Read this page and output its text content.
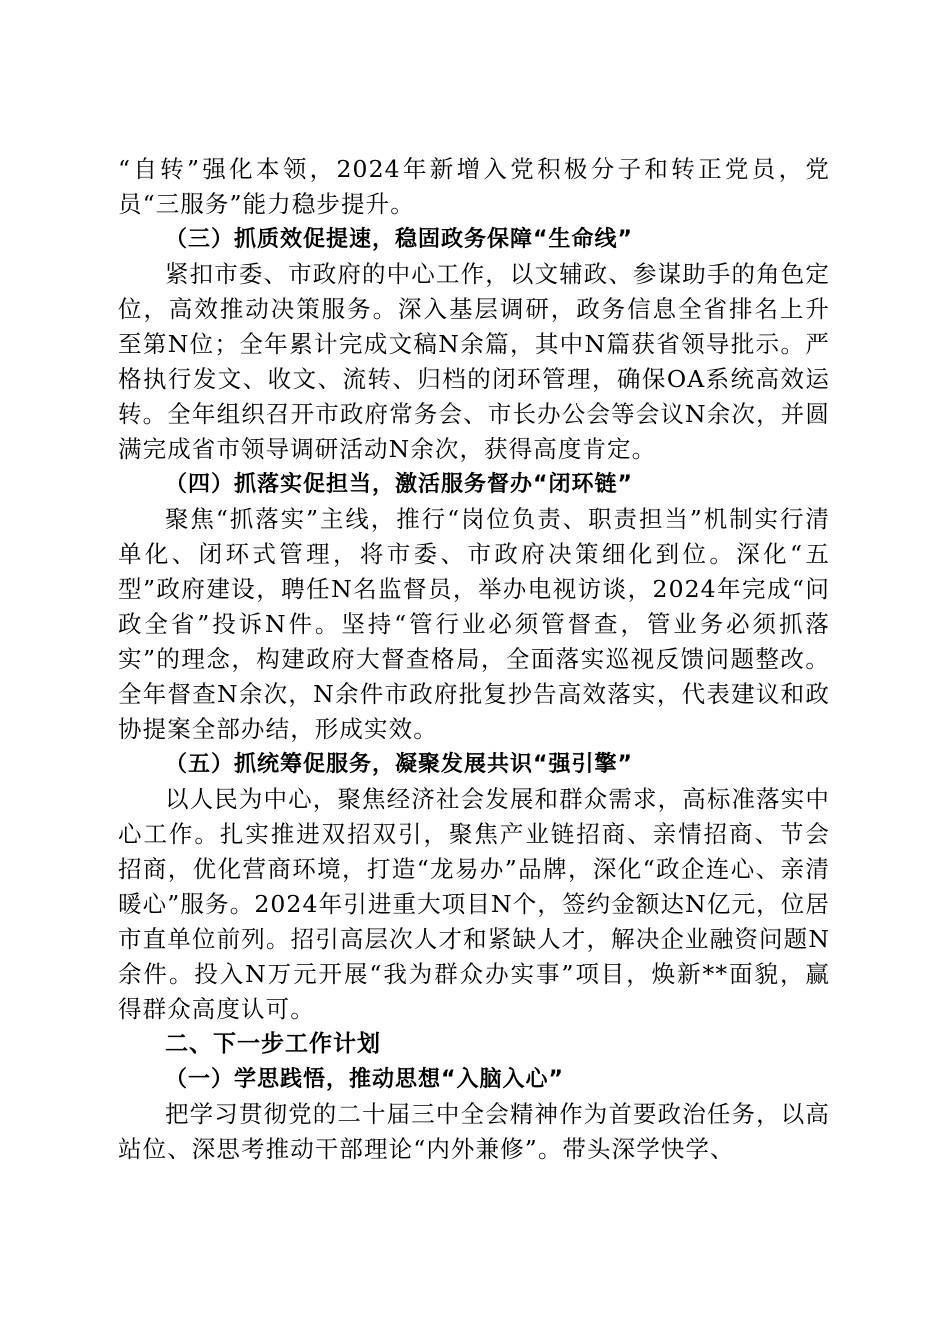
“自转”强化本领，2024年新增入党积极分子和转正党员，党员“三服务”能力稳步提升。

（三）抓质效促提速，稳固政务保障“生命线”

紧扣市委、市政府的中心工作，以文辅政、参谋助手的角色定位，高效推动决策服务。深入基层调研，政务信息全省排名上升至第N位；全年累计完成文稿N余篇，其中N篇获省领导批示。严格执行发文、收文、流转、归档的闭环管理，确保OA系统高效运转。全年组织召开市政府常务会、市长办公会等会议N余次，并圆满完成省市领导调研活动N余次，获得高度肯定。

（四）抓落实促担当，激活服务督办“闭环链”

聚焦“抓落实”主线，推行“岗位负责、职责担当”机制实行清单化、闭环式管理，将市委、市政府决策细化到位。深化“五型”政府建设，聘任N名监督员，举办电视访谈，2024年完成“问政全省”投诉N件。坚持“管行业必须管督查，管业务必须抓落实”的理念，构建政府大督查格局，全面落实巡视反馈问题整改。全年督查N余次，N余件市政府批复抄告高效落实，代表建议和政协提案全部办结，形成实效。

（五）抓统筹促服务，凝聚发展共识“强引擎”

以人民为中心，聚焦经济社会发展和群众需求，高标准落实中心工作。扎实推进双招双引，聚焦产业链招商、亲情招商、节会招商，优化营商环境，打造“龙易办”品牌，深化“政企连心、亲清暖心”服务。2024年引进重大项目N个，签约金额达N亿元，位居市直单位前列。招引高层次人才和紧缺人才，解决企业融资问题N余件。投入N万元开展“我为群众办实事”项目，焕新**面貌，赢得群众高度认可。

二、下一步工作计划

（一）学思践悟，推动思想“入脑入心”

把学习贯彻党的二十届三中全会精神作为首要政治任务，以高站位、深思考推动干部理论“内外兼修”。带头深学快学、
